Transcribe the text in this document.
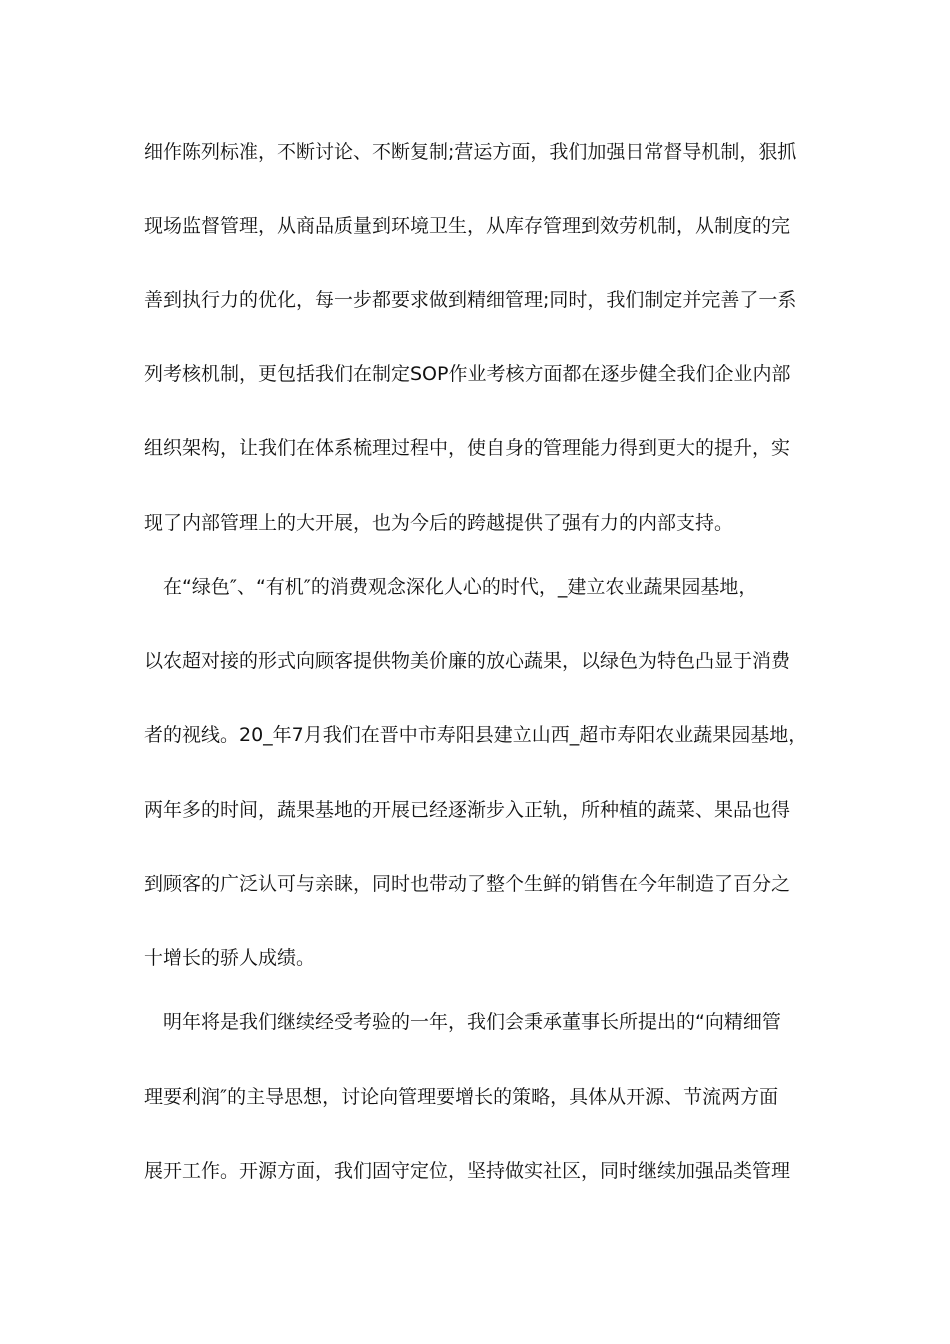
细作陈列标准，不断讨论、不断复制;营运方面，我们加强日常督导机制，狠抓
现场监督管理，从商品质量到环境卫生，从库存管理到效劳机制，从制度的完
善到执行力的优化，每一步都要求做到精细管理;同时，我们制定并完善了一系
列考核机制，更包括我们在制定SOP作业考核方面都在逐步健全我们企业内部
组织架构，让我们在体系梳理过程中，使自身的管理能力得到更大的提升，实
现了内部管理上的大开展，也为今后的跨越提供了强有力的内部支持。
在“绿色″、“有机″的消费观念深化人心的时代，_建立农业蔬果园基地，
以农超对接的形式向顾客提供物美价廉的放心蔬果，以绿色为特色凸显于消费
者的视线。20_年7月我们在晋中市寿阳县建立山西_超市寿阳农业蔬果园基地，
两年多的时间，蔬果基地的开展已经逐渐步入正轨，所种植的蔬菜、果品也得
到顾客的广泛认可与亲睐，同时也带动了整个生鲜的销售在今年制造了百分之
十增长的骄人成绩。
明年将是我们继续经受考验的一年，我们会秉承董事长所提出的“向精细管
理要利润″的主导思想，讨论向管理要增长的策略，具体从开源、节流两方面
展开工作。开源方面，我们固守定位，坚持做实社区，同时继续加强品类管理
